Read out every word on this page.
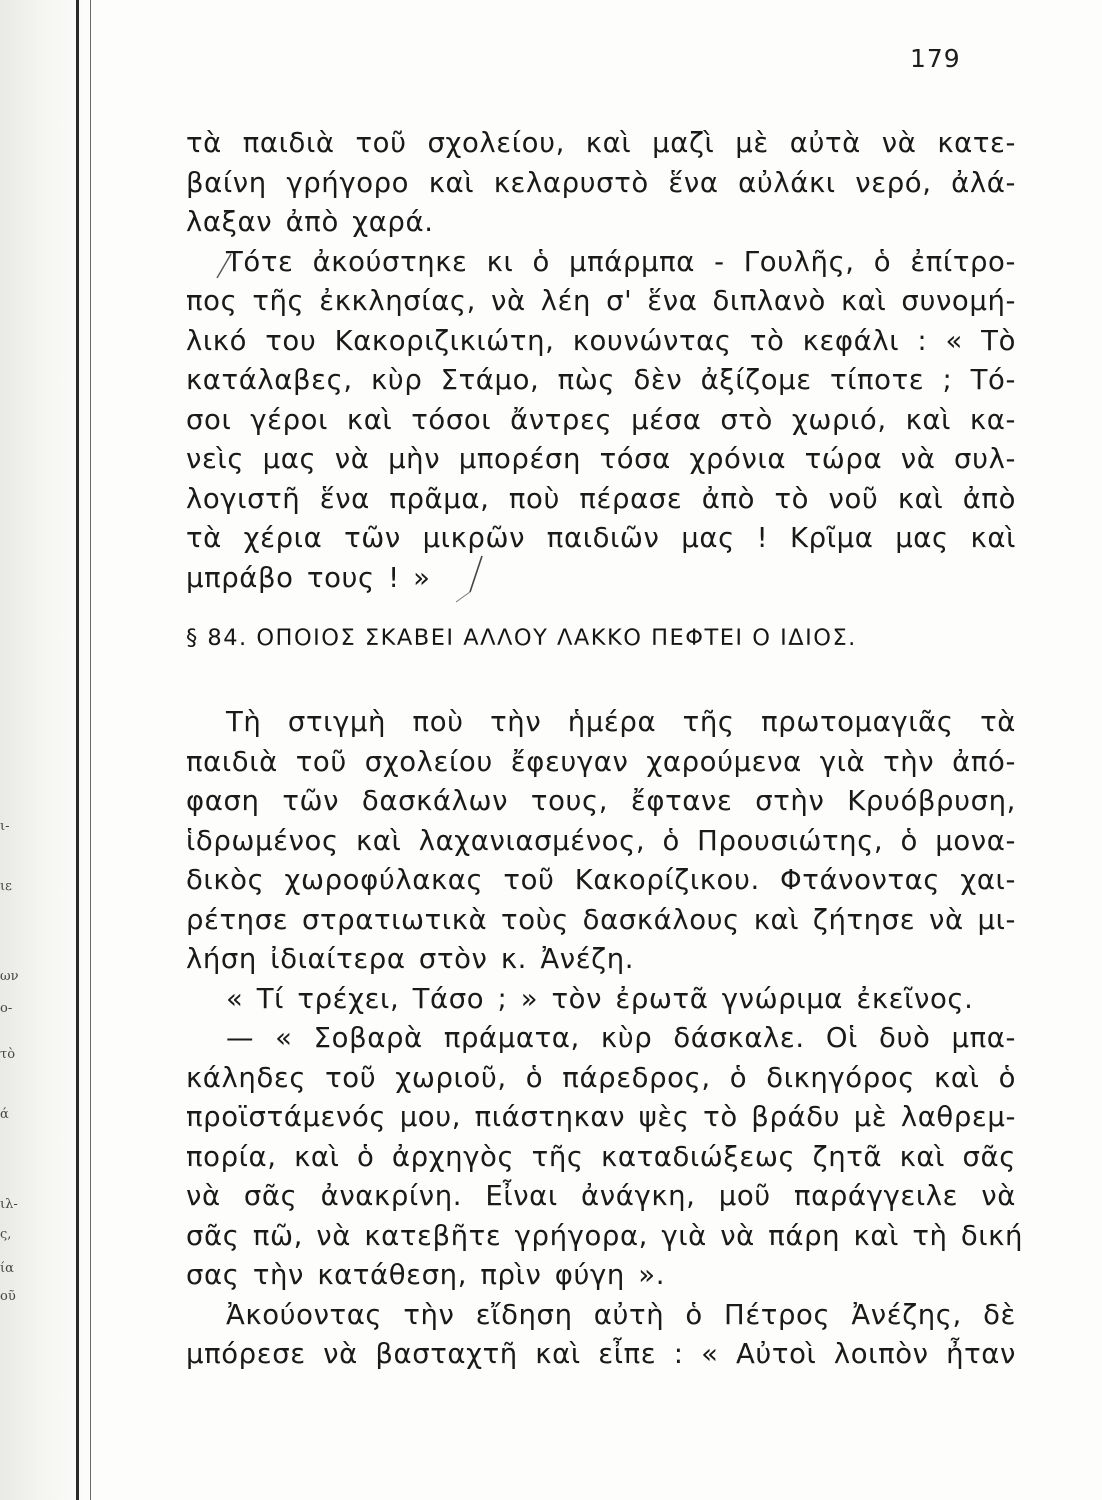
ι-
ιε
ων
ο-
τὸ
ά
ιλ-
ς,
ία
οῦ
179
τὰ παιδιὰ τοῦ σχολείου, καὶ μαζὶ μὲ αὐτὰ νὰ κατε-
βαίνη γρήγορο καὶ κελαρυστὸ ἕνα αὐλάκι νερό, ἀλά-
λαξαν ἀπὸ χαρά.
Τότε ἀκούστηκε κι ὁ μπάρμπα - Γουλῆς, ὁ ἐπίτρο-
πος τῆς ἐκκλησίας, νὰ λέη σ' ἕνα διπλανὸ καὶ συνομή-
λικό του Κακοριζικιώτη, κουνώντας τὸ κεφάλι : « Τὸ
κατάλαβες, κὺρ Στάμο, πὼς δὲν ἀξίζομε τίποτε ; Τό-
σοι γέροι καὶ τόσοι ἄντρες μέσα στὸ χωριό, καὶ κα-
νεὶς μας νὰ μὴν μπορέση τόσα χρόνια τώρα νὰ συλ-
λογιστῆ ἕνα πρᾶμα, ποὺ πέρασε ἀπὸ τὸ νοῦ καὶ ἀπὸ
τὰ χέρια τῶν μικρῶν παιδιῶν μας ! Κρῖμα μας καὶ
μπράβο τους ! »
§ 84. ΟΠΟΙΟΣ ΣΚΑΒΕΙ ΑΛΛΟΥ ΛΑΚΚΟ ΠΕΦΤΕΙ Ο ΙΔΙΟΣ.
Τὴ στιγμὴ ποὺ τὴν ἡμέρα τῆς πρωτομαγιᾶς τὰ
παιδιὰ τοῦ σχολείου ἔφευγαν χαρούμενα γιὰ τὴν ἀπό-
φαση τῶν δασκάλων τους, ἔφτανε στὴν Κρυόβρυση,
ἱδρωμένος καὶ λαχανιασμένος, ὁ Προυσιώτης, ὁ μονα-
δικὸς χωροφύλακας τοῦ Κακορίζικου. Φτάνοντας χαι-
ρέτησε στρατιωτικὰ τοὺς δασκάλους καὶ ζήτησε νὰ μι-
λήση ἰδιαίτερα στὸν κ. Ἀνέζη.
« Τί τρέχει, Τάσο ; » τὸν ἐρωτᾶ γνώριμα ἐκεῖνος.
— « Σοβαρὰ πράματα, κὺρ δάσκαλε. Οἱ δυὸ μπα-
κάληδες τοῦ χωριοῦ, ὁ πάρεδρος, ὁ δικηγόρος καὶ ὁ
προϊστάμενός μου, πιάστηκαν ψὲς τὸ βράδυ μὲ λαθρεμ-
πορία, καὶ ὁ ἀρχηγὸς τῆς καταδιώξεως ζητᾶ καὶ σᾶς
νὰ σᾶς ἀνακρίνη. Εἶναι ἀνάγκη, μοῦ παράγγειλε νὰ
σᾶς πῶ, νὰ κατεβῆτε γρήγορα, γιὰ νὰ πάρη καὶ τὴ δική
σας τὴν κατάθεση, πρὶν φύγη ».
Ἀκούοντας τὴν εἴδηση αὐτὴ ὁ Πέτρος Ἀνέζης, δὲ
μπόρεσε νὰ βασταχτῆ καὶ εἶπε : « Αὐτοὶ λοιπὸν ἦταν
